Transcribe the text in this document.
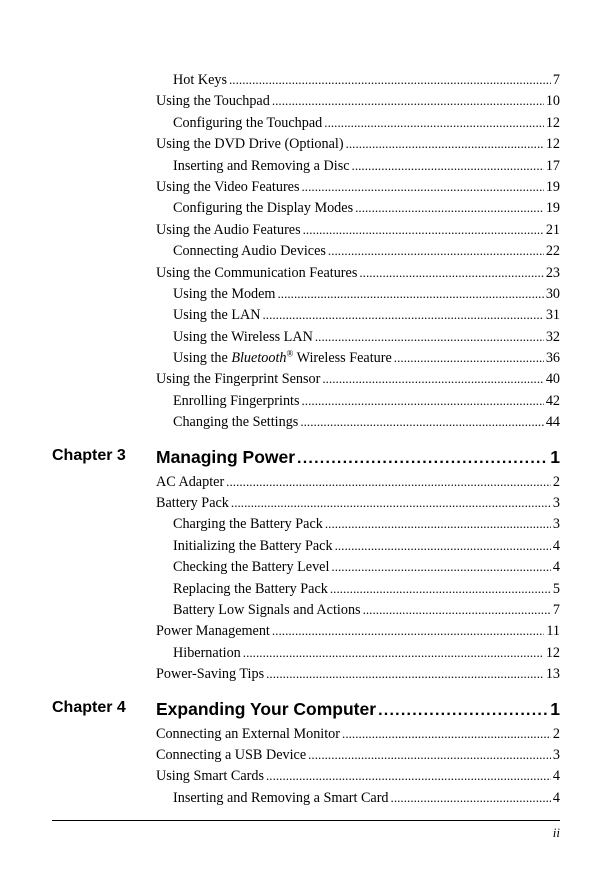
Hot Keys . . .	7
Using the Touchpad . . .	10
Configuring the Touchpad . . .	12
Using the DVD Drive (Optional) . . .	12
Inserting and Removing a Disc . . .	17
Using the Video Features . . .	19
Configuring the Display Modes . . .	19
Using the Audio Features . . .	21
Connecting Audio Devices . . .	22
Using the Communication Features . . .	23
Using the Modem . . .	30
Using the LAN . . .	31
Using the Wireless LAN . . .	32
Using the Bluetooth® Wireless Feature . . .	36
Using the Fingerprint Sensor . . .	40
Enrolling Fingerprints . . .	42
Changing the Settings . . .	44
Chapter 3 Managing Power . . .	1
AC Adapter . . .	2
Battery Pack . . .	3
Charging the Battery Pack . . .	3
Initializing the Battery Pack . . .	4
Checking the Battery Level . . .	4
Replacing the Battery Pack . . .	5
Battery Low Signals and Actions . . .	7
Power Management . . .	11
Hibernation . . .	12
Power-Saving Tips . . .	13
Chapter 4 Expanding Your Computer . . .	1
Connecting an External Monitor . . .	2
Connecting a USB Device . . .	3
Using Smart Cards . . .	4
Inserting and Removing a Smart Card . . .	4
ii
